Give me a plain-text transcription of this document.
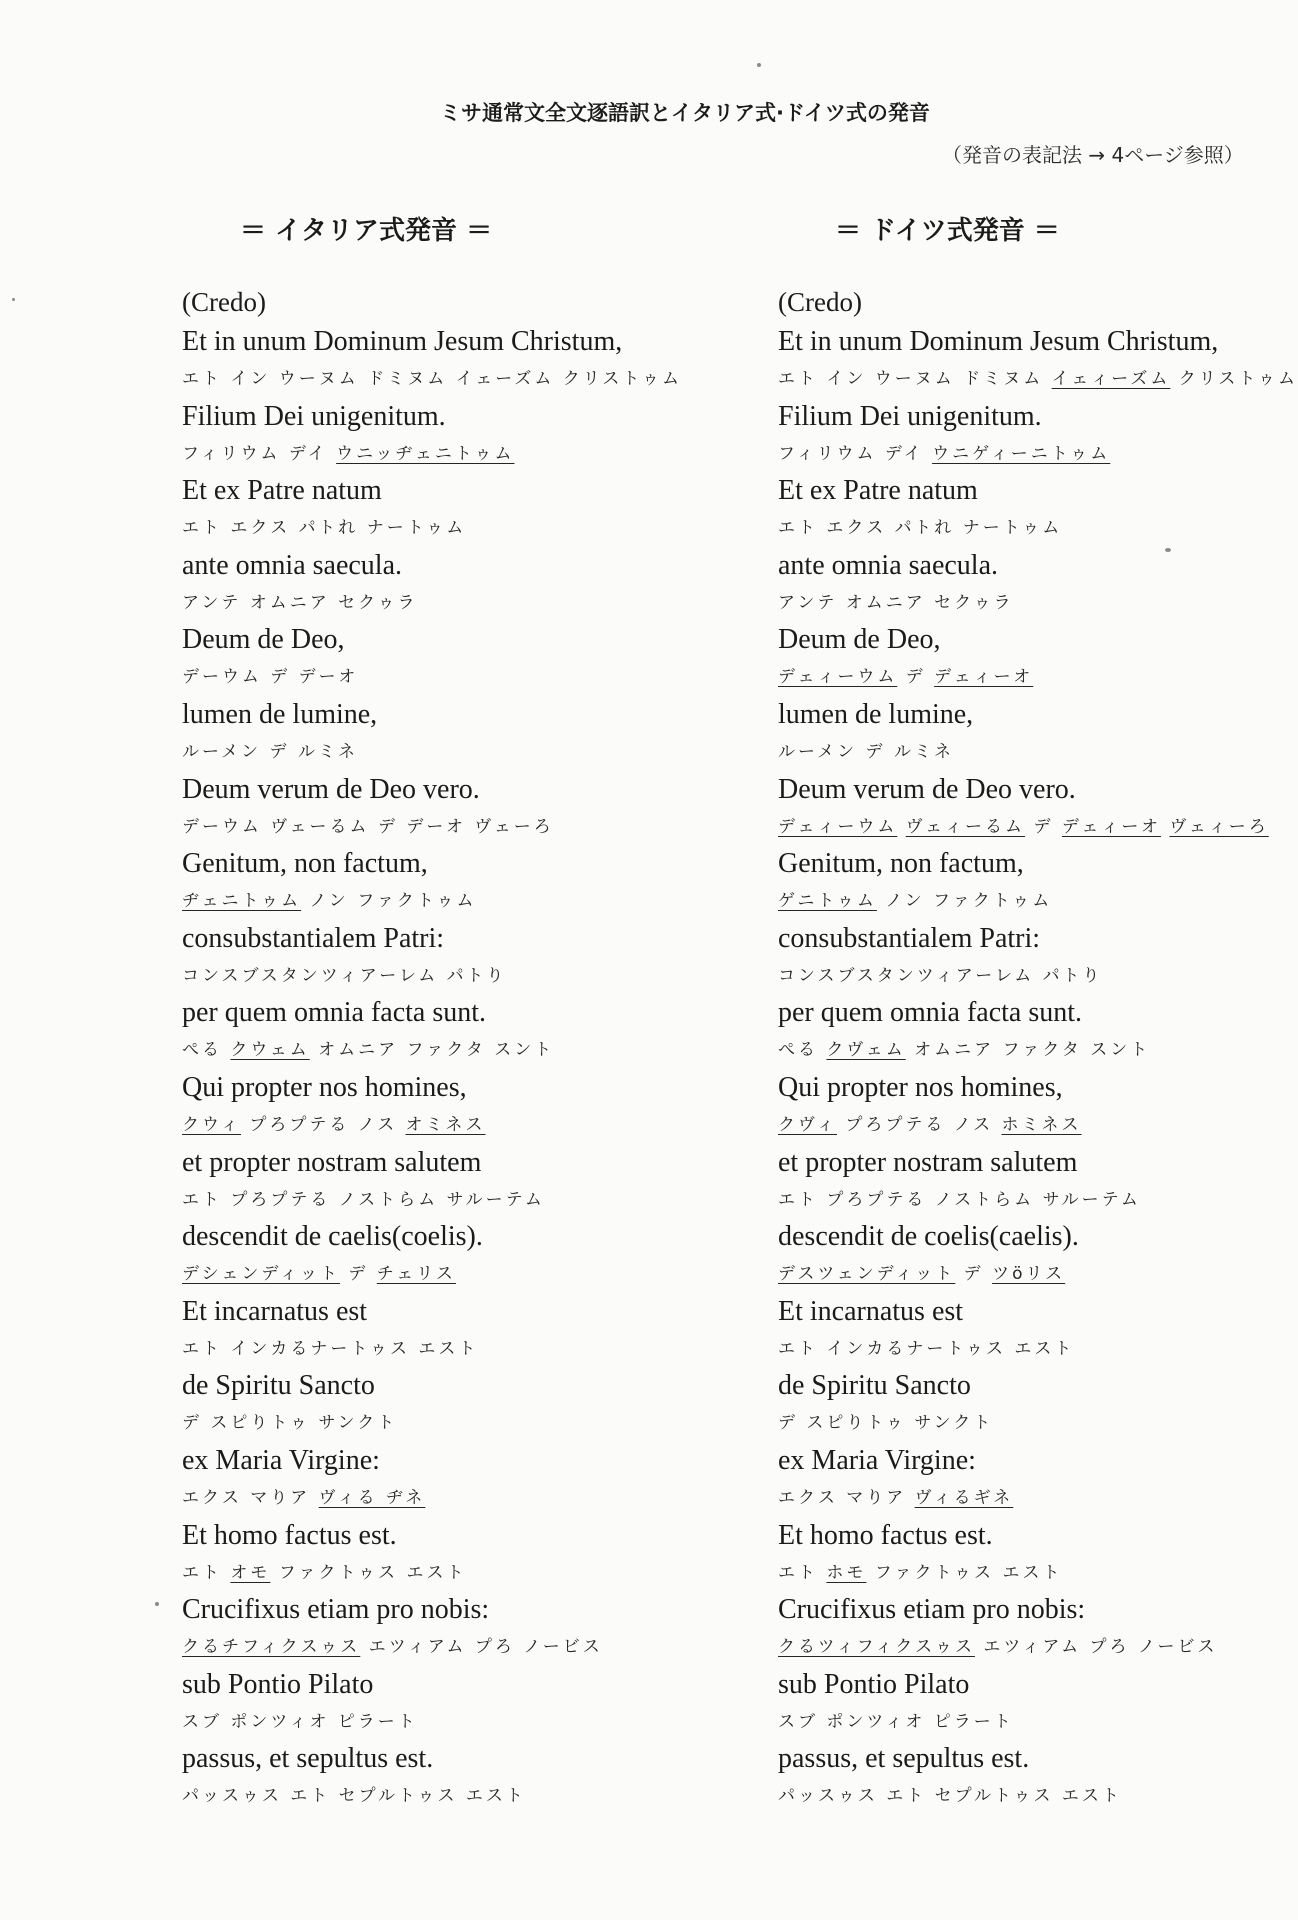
ミサ通常文全文逐語訳とイタリア式·ドイツ式の発音
（発音の表記法 → 4ページ参照）
＝ イタリア式発音 ＝	＝ ドイツ式発音 ＝
(Credo)
Et in unum Dominum Jesum Christum,
エト イン ウーヌム ドミヌム イェーズム クリストゥム
Filium Dei unigenitum.
フィリウム デイ ウニッヂェニトゥム
Et ex Patre natum
エト エクス パトれ ナートゥム
ante omnia saecula.
アンテ オムニア セクゥラ
Deum de Deo,
デーウム デ デーオ
lumen de lumine,
ルーメン デ ルミネ
Deum verum de Deo vero.
デーウム ヴェーるム デ デーオ ヴェーろ
Genitum, non factum,
ヂェニトゥム ノン ファクトゥム
consubstantialem Patri:
コンスブスタンツィアーレム パトり
per quem omnia facta sunt.
ぺる クウェム オムニア ファクタ スント
Qui propter nos homines,
クウィ プろプテる ノス オミネス
et propter nostram salutem
エト プろプテる ノストらム サルーテム
descendit de caelis(coelis).
デシェンディット デ チェリス
Et incarnatus est
エト インカるナートゥス エスト
de Spiritu Sancto
デ スピりトゥ サンクト
ex Maria Virgine:
エクス マりア ヴィる ヂネ
Et homo factus est.
エト オモ ファクトゥス エスト
Crucifixus etiam pro nobis:
クるチフィクスゥス エツィアム プろ ノービス
sub Pontio Pilato
スブ ポンツィオ ピラート
passus, et sepultus est.
パッスゥス エト セプルトゥス エスト
(Credo)
Et in unum Dominum Jesum Christum,
エト イン ウーヌム ドミヌム イェィーズム クリストゥム
Filium Dei unigenitum.
フィリウム デイ ウニゲィーニトゥム
Et ex Patre natum
エト エクス パトれ ナートゥム
ante omnia saecula.
アンテ オムニア セクゥラ
Deum de Deo,
デェィーウム デ デェィーオ
lumen de lumine,
ルーメン デ ルミネ
Deum verum de Deo vero.
デェィーウム ヴェィーるム デ デェィーオ ヴェィーろ
Genitum, non factum,
ゲニトゥム ノン ファクトゥム
consubstantialem Patri:
コンスブスタンツィアーレム パトり
per quem omnia facta sunt.
ぺる クヴェム オムニア ファクタ スント
Qui propter nos homines,
クヴィ プろプテる ノス ホミネス
et propter nostram salutem
エト プろプテる ノストらム サルーテム
descendit de coelis(caelis).
デスツェンディット デ ツöリス
Et incarnatus est
エト インカるナートゥス エスト
de Spiritu Sancto
デ スピりトゥ サンクト
ex Maria Virgine:
エクス マりア ヴィるギネ
Et homo factus est.
エト ホモ ファクトゥス エスト
Crucifixus etiam pro nobis:
クるツィフィクスゥス エツィアム プろ ノービス
sub Pontio Pilato
スブ ポンツィオ ピラート
passus, et sepultus est.
パッスゥス エト セプルトゥス エスト
